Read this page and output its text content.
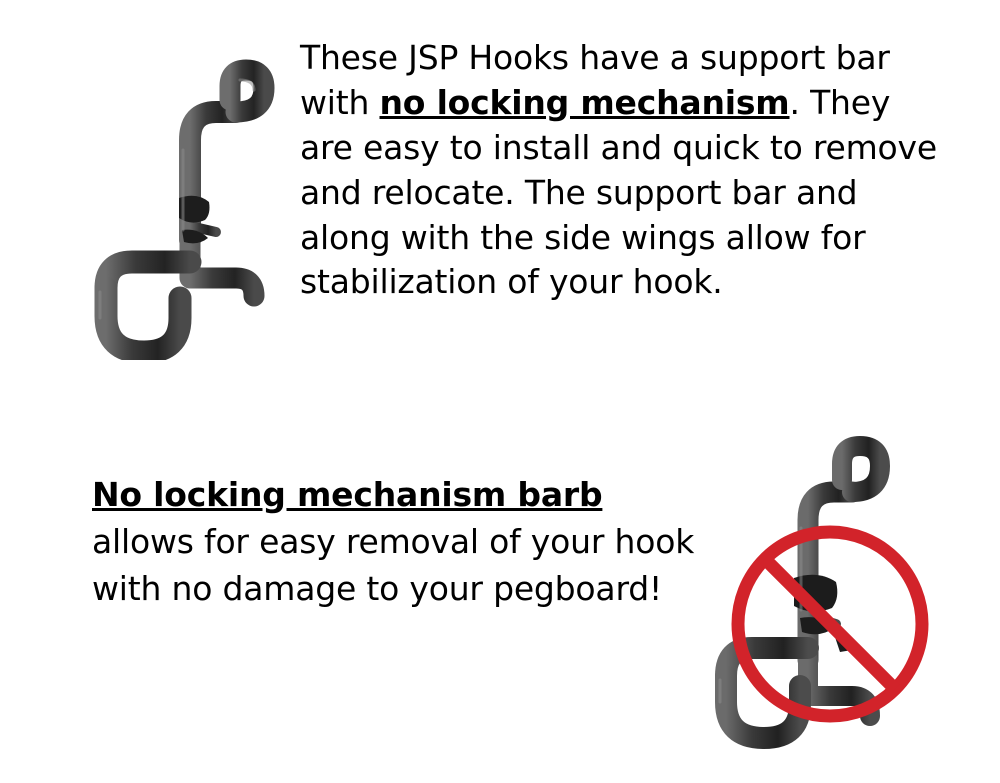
These JSP Hooks have a support bar with no locking mechanism. They are easy to install and quick to remove and relocate. The support bar and along with the side wings allow for stabilization of your hook.
No locking mechanism barb allows for easy removal of your hook with no damage to your pegboard!
